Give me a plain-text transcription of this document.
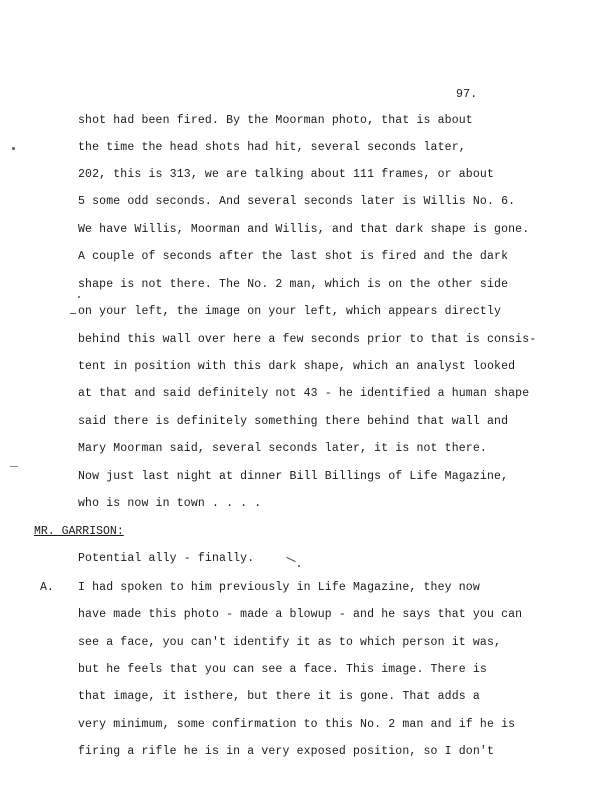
97.
shot had been fired. By the Moorman photo, that is about
the time the head shots had hit, several seconds later,
202, this is 313, we are talking about 111 frames, or about
5 some odd seconds. And several seconds later is Willis No. 6.
We have Willis, Moorman and Willis, and that dark shape is gone.
A couple of seconds after the last shot is fired and the dark
shape is not there. The No. 2 man, which is on the other side
on your left, the image on your left, which appears directly
behind this wall over here a few seconds prior to that is consis-
tent in position with this dark shape, which an analyst looked
at that and said definitely not 43 - he identified a human shape
said there is definitely something there behind that wall and
Mary Moorman said, several seconds later, it is not there.
Now just last night at dinner Bill Billings of Life Magazine,
who is now in town . . . .
MR. GARRISON:
Potential ally - finally.
A. I had spoken to him previously in Life Magazine, they now
have made this photo - made a blowup - and he says that you can
see a face, you can't identify it as to which person it was,
but he feels that you can see a face. This image. There is
that image, it isthere, but there it is gone. That adds a
very minimum, some confirmation to this No. 2 man and if he is
firing a rifle he is in a very exposed position, so I don't
